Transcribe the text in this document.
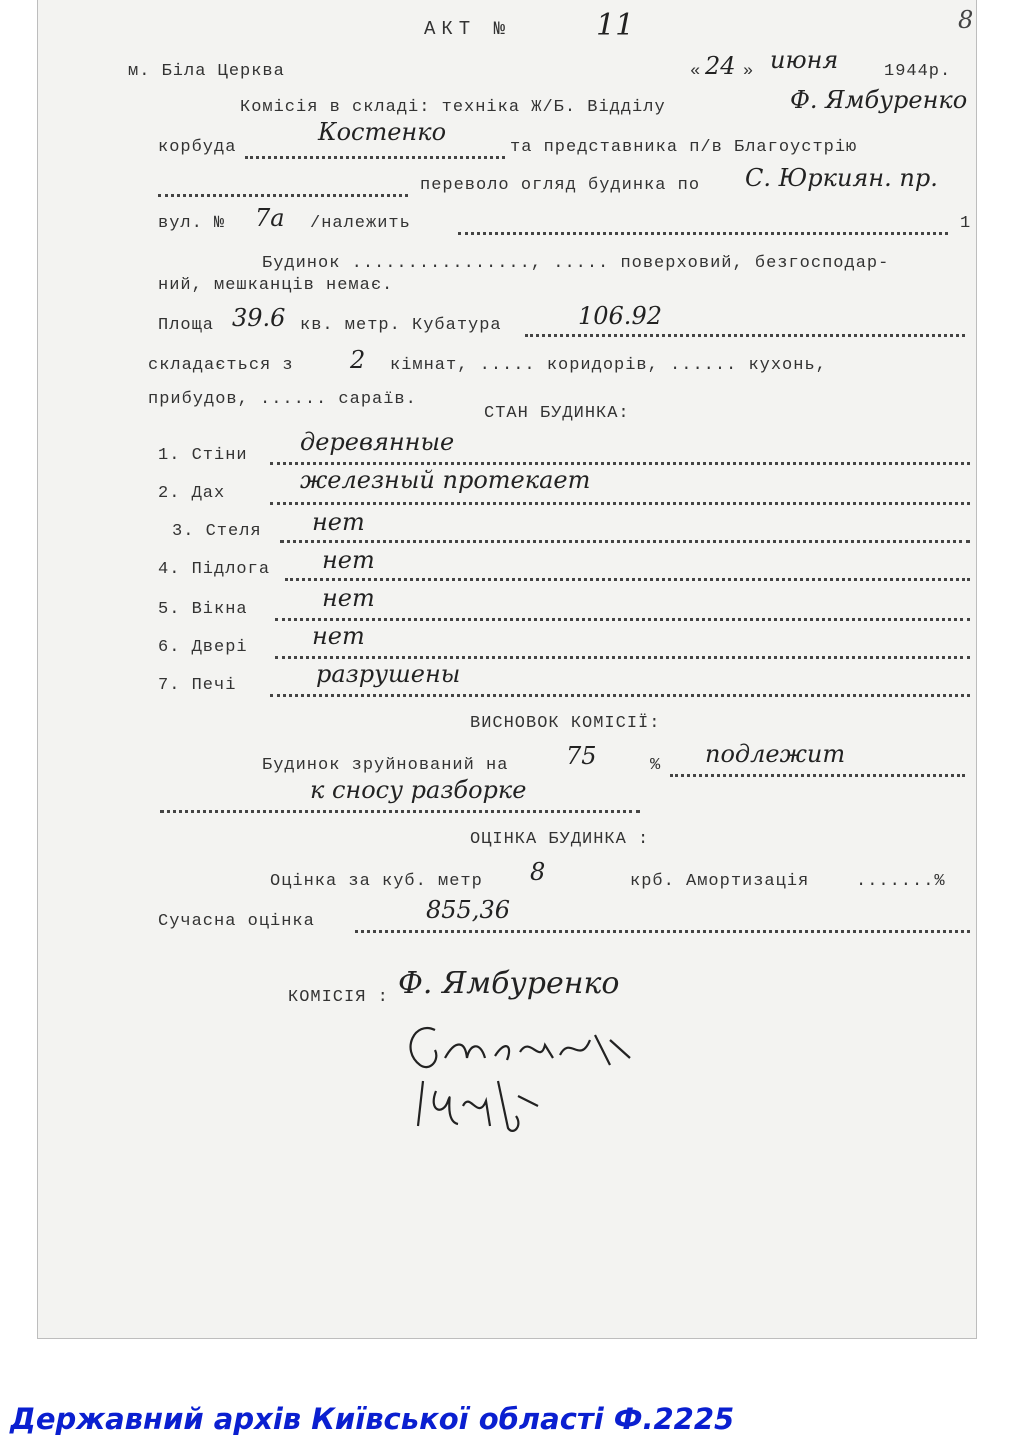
АКТ №	11	8
м. Біла Церква	« 24 » июня	1944р.
Комісія в складі: техніка Ж/Б. Відділу	Ф. Ямбуренко
корбуда
Костенко
та представника п/в Благоустрію
переволо огляд будинка по С. Юркиян. пр.
вул. № 7а /належить	1
Будинок ................, ..... поверховий, безгосподар-
ний, мешканців немає.
Площа 39.6 кв. метр. Кубатура	106.92
складається з 2 кімнат, ..... коридорів, ...... кухонь,
прибудов, ...... сараїв.
СТАН БУДИНКА:
1. Стіни деревянные
2. Дах	железный протекает
3. Стеля нет
4. Підлога нет
5. Вікна	нет
6. Двері	нет
7. Печі	разрушены
ВИСНОВОК КОМІСІЇ:
Будинок зруйнований на 75	% подлежит
к сносу разборке
ОЦІНКА БУДИНКА :
Оцінка за куб. метр 8	крб. Амортизація	.......%
Сучасна оцінка	855,36
КОМІСІЯ : Ф. Ямбуренко
Державний архів Київської області Ф.2225
